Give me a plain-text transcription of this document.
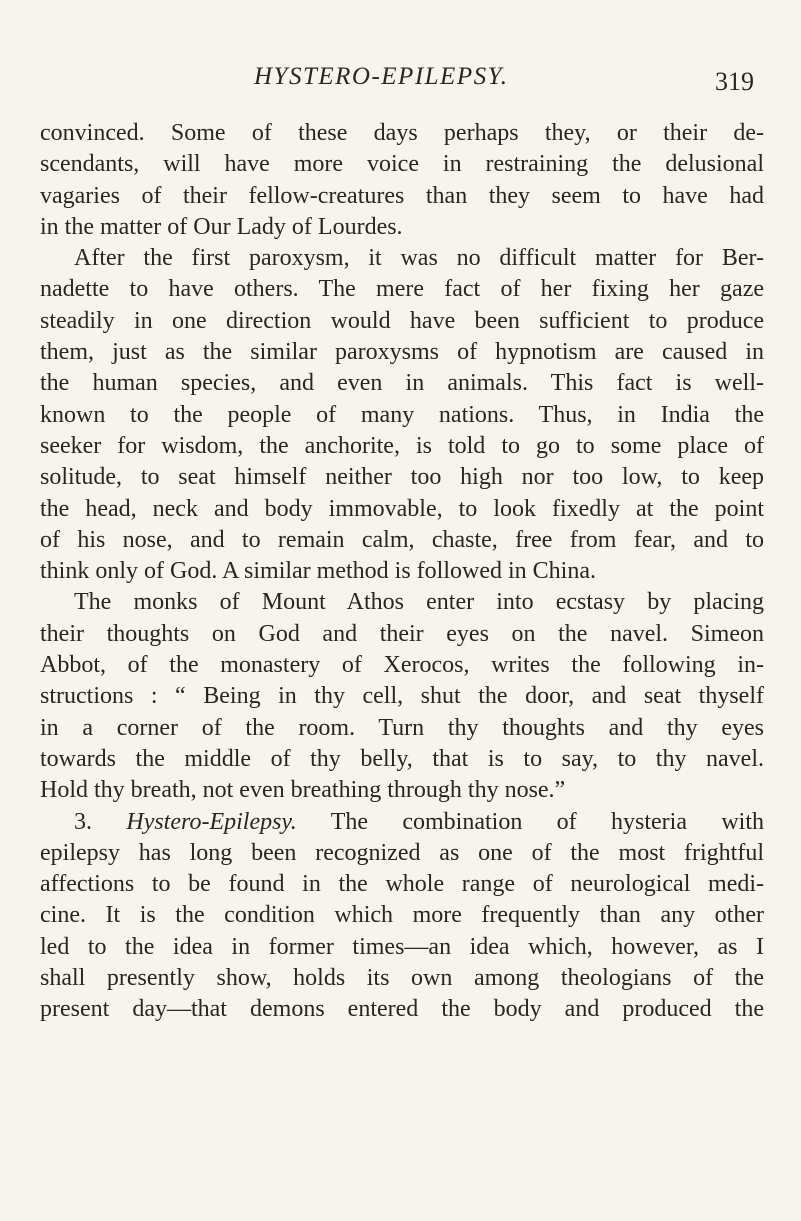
HYSTERO-EPILEPSY.	319
convinced. Some of these days perhaps they, or their de-
scendants, will have more voice in restraining the delusional
vagaries of their fellow-creatures than they seem to have had
in the matter of Our Lady of Lourdes.
After the first paroxysm, it was no difficult matter for Ber-
nadette to have others. The mere fact of her fixing her gaze
steadily in one direction would have been sufficient to produce
them, just as the similar paroxysms of hypnotism are caused in
the human species, and even in animals. This fact is well-
known to the people of many nations. Thus, in India the
seeker for wisdom, the anchorite, is told to go to some place of
solitude, to seat himself neither too high nor too low, to keep
the head, neck and body immovable, to look fixedly at the point
of his nose, and to remain calm, chaste, free from fear, and to
think only of God. A similar method is followed in China.
The monks of Mount Athos enter into ecstasy by placing
their thoughts on God and their eyes on the navel. Simeon
Abbot, of the monastery of Xerocos, writes the following in-
structions : “ Being in thy cell, shut the door, and seat thyself
in a corner of the room. Turn thy thoughts and thy eyes
towards the middle of thy belly, that is to say, to thy navel.
Hold thy breath, not even breathing through thy nose.”
3. Hystero-Epilepsy. The combination of hysteria with
epilepsy has long been recognized as one of the most frightful
affections to be found in the whole range of neurological medi-
cine. It is the condition which more frequently than any other
led to the idea in former times—an idea which, however, as I
shall presently show, holds its own among theologians of the
present day—that demons entered the body and produced the
